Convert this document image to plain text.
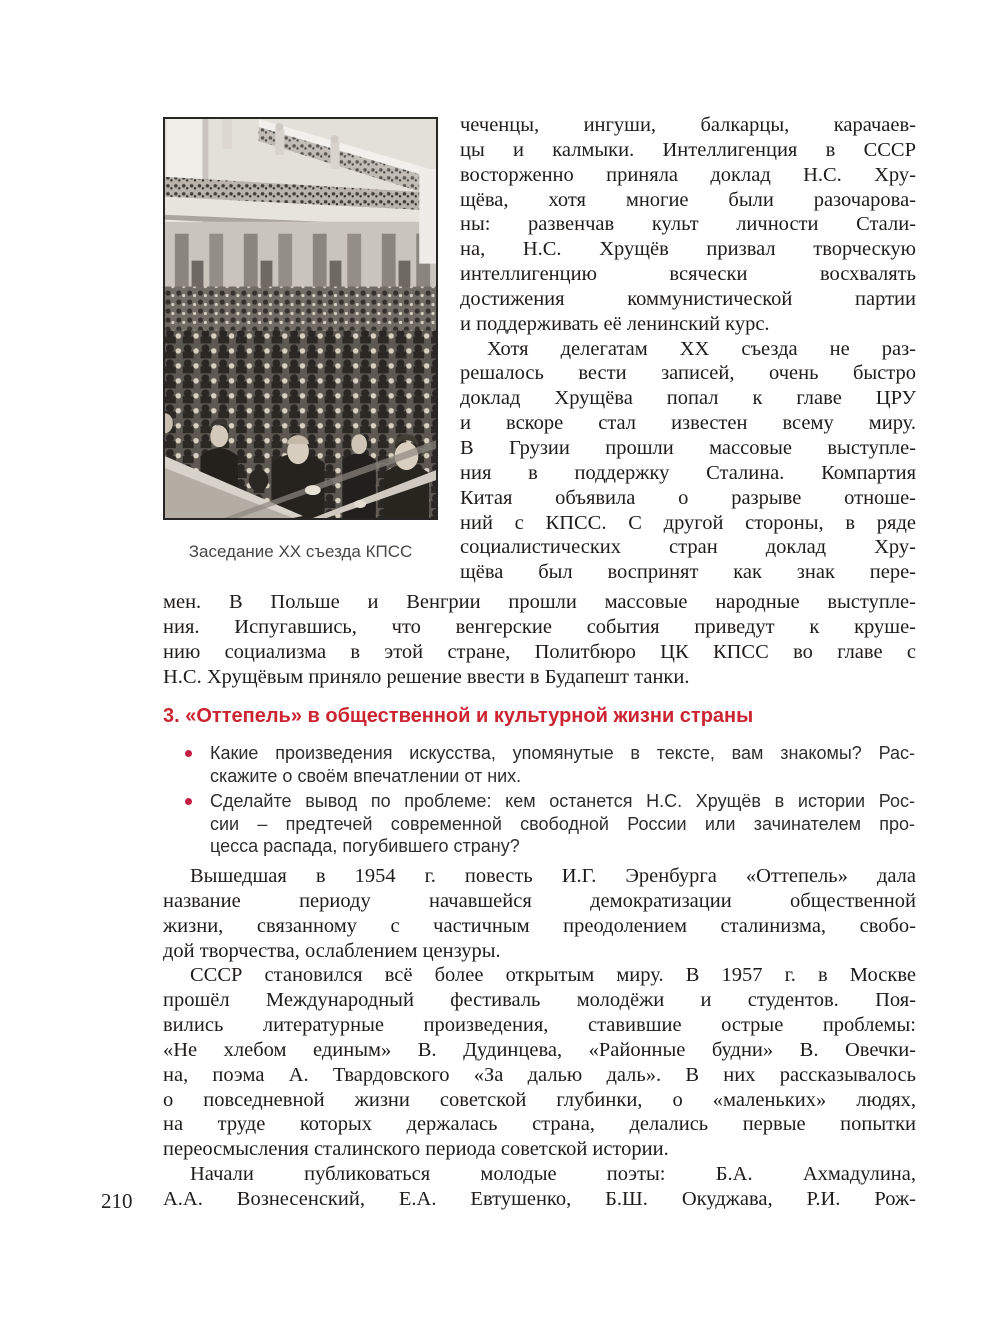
Заседание XX съезда КПСС
чеченцы, ингуши, балкарцы, карачаев-
цы и калмыки. Интеллигенция в СССР
восторженно приняла доклад Н.С. Хру-
щёва, хотя многие были разочарова-
ны: развенчав культ личности Стали-
на, Н.С. Хрущёв призвал творческую
интеллигенцию всячески восхвалять
достижения коммунистической партии
и поддерживать её ленинский курс.
Хотя делегатам XX съезда не раз-
решалось вести записей, очень быстро
доклад Хрущёва попал к главе ЦРУ
и вскоре стал известен всему миру.
В Грузии прошли массовые выступле-
ния в поддержку Сталина. Компартия
Китая объявила о разрыве отноше-
ний с КПСС. С другой стороны, в ряде
социалистических стран доклад Хру-
щёва был воспринят как знак пере-
мен. В Польше и Венгрии прошли массовые народные выступле-
ния. Испугавшись, что венгерские события приведут к круше-
нию социализма в этой стране, Политбюро ЦК КПСС во главе с
Н.С. Хрущёвым приняло решение ввести в Будапешт танки.
3. «Оттепель» в общественной и культурной жизни страны
Какие произведения искусства, упомянутые в тексте, вам знакомы? Рас-
скажите о своём впечатлении от них.
Сделайте вывод по проблеме: кем останется Н.С. Хрущёв в истории Рос-
сии – предтечей современной свободной России или зачинателем про-
цесса распада, погубившего страну?
Вышедшая в 1954 г. повесть И.Г. Эренбурга «Оттепель» дала
название периоду начавшейся демократизации общественной
жизни, связанному с частичным преодолением сталинизма, свобо-
дой творчества, ослаблением цензуры.
СССР становился всё более открытым миру. В 1957 г. в Москве
прошёл Международный фестиваль молодёжи и студентов. Поя-
вились литературные произведения, ставившие острые проблемы:
«Не хлебом единым» В. Дудинцева, «Районные будни» В. Овечки-
на, поэма А. Твардовского «За далью даль». В них рассказывалось
о повседневной жизни советской глубинки, о «маленьких» людях,
на труде которых держалась страна, делались первые попытки
переосмысления сталинского периода советской истории.
Начали публиковаться молодые поэты: Б.А. Ахмадулина,
А.А. Вознесенский, Е.А. Евтушенко, Б.Ш. Окуджава, Р.И. Рож-
210
